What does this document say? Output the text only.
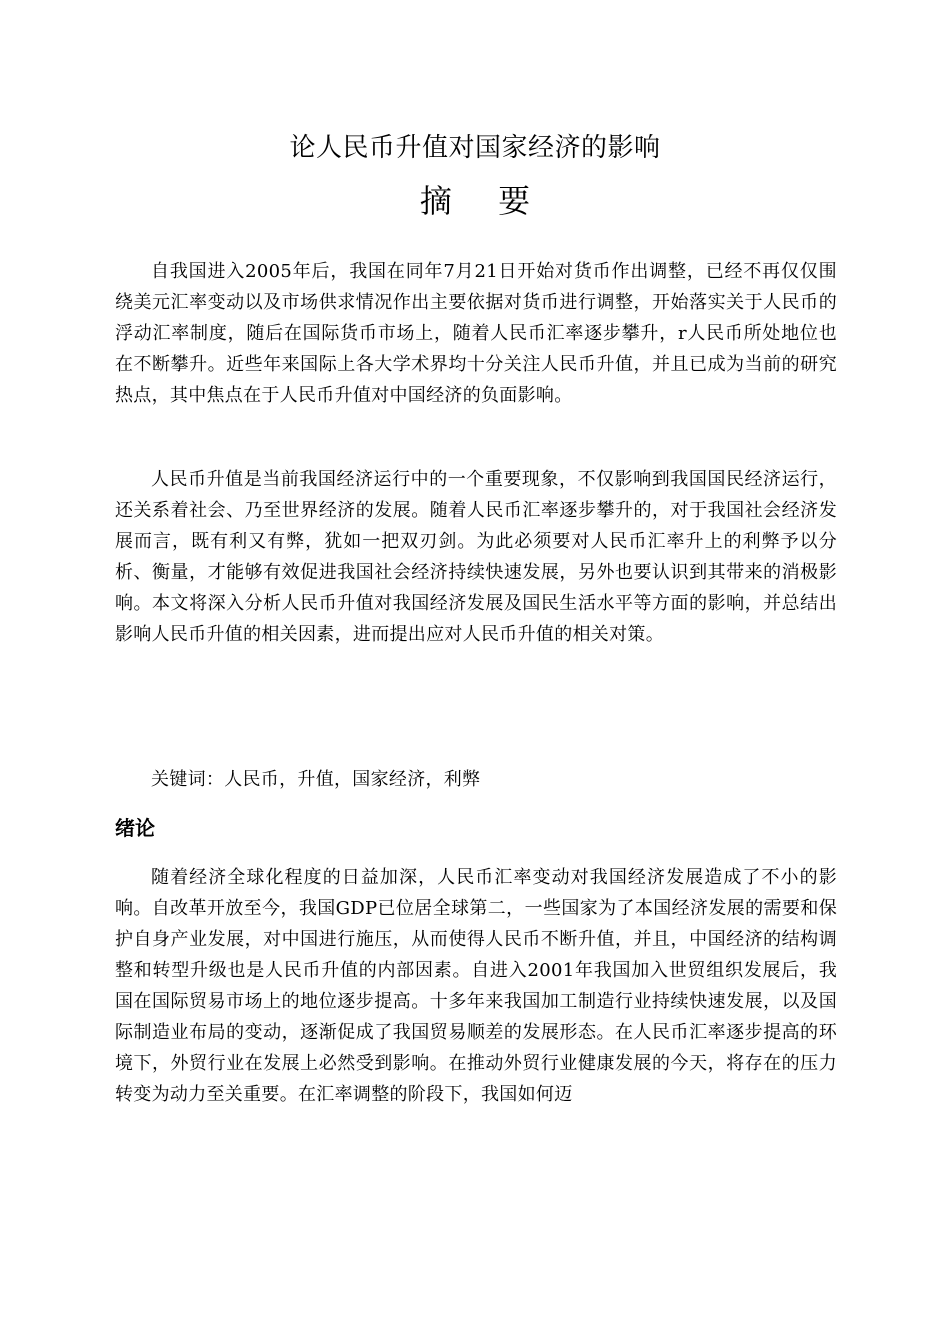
论人民币升值对国家经济的影响
摘 要

自我国进入2005年后，我国在同年7月21日开始对货币作出调整，已经不再仅仅围绕美元汇率变动以及市场供求情况作出主要依据对货币进行调整，开始落实关于人民币的浮动汇率制度，随后在国际货币市场上，随着人民币汇率逐步攀升，r人民币所处地位也在不断攀升。近些年来国际上各大学术界均十分关注人民币升值，并且已成为当前的研究热点，其中焦点在于人民币升值对中国经济的负面影响。

人民币升值是当前我国经济运行中的一个重要现象，不仅影响到我国国民经济运行，还关系着社会、乃至世界经济的发展。随着人民币汇率逐步攀升的，对于我国社会经济发展而言，既有利又有弊，犹如一把双刃剑。为此必须要对人民币汇率升上的利弊予以分析、衡量，才能够有效促进我国社会经济持续快速发展，另外也要认识到其带来的消极影响。本文将深入分析人民币升值对我国经济发展及国民生活水平等方面的影响，并总结出影响人民币升值的相关因素，进而提出应对人民币升值的相关对策。

关键词：人民币，升值，国家经济，利弊

绪论

随着经济全球化程度的日益加深，人民币汇率变动对我国经济发展造成了不小的影响。自改革开放至今，我国GDP已位居全球第二，一些国家为了本国经济发展的需要和保护自身产业发展，对中国进行施压，从而使得人民币不断升值，并且，中国经济的结构调整和转型升级也是人民币升值的内部因素。自进入2001年我国加入世贸组织发展后，我国在国际贸易市场上的地位逐步提高。十多年来我国加工制造行业持续快速发展，以及国际制造业布局的变动，逐渐促成了我国贸易顺差的发展形态。在人民币汇率逐步提高的环境下，外贸行业在发展上必然受到影响。在推动外贸行业健康发展的今天，将存在的压力转变为动力至关重要。在汇率调整的阶段下，我国如何迈
